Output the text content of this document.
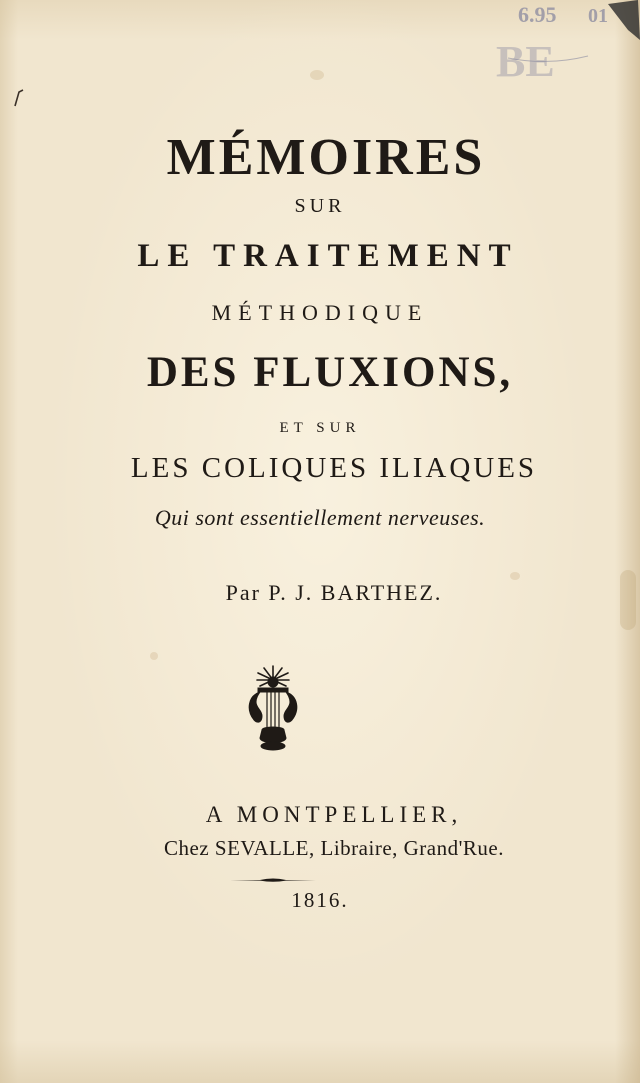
6.95 01
BE
MÉMOIRES
SUR
LE TRAITEMENT
MÉTHODIQUE
DES FLUXIONS,
ET SUR
LES COLIQUES ILIAQUES
Qui sont essentiellement nerveuses.
Par P. J. BARTHEZ.
A MONTPELLIER,
Chez SEVALLE, Libraire, Grand'Rue.
1816.
